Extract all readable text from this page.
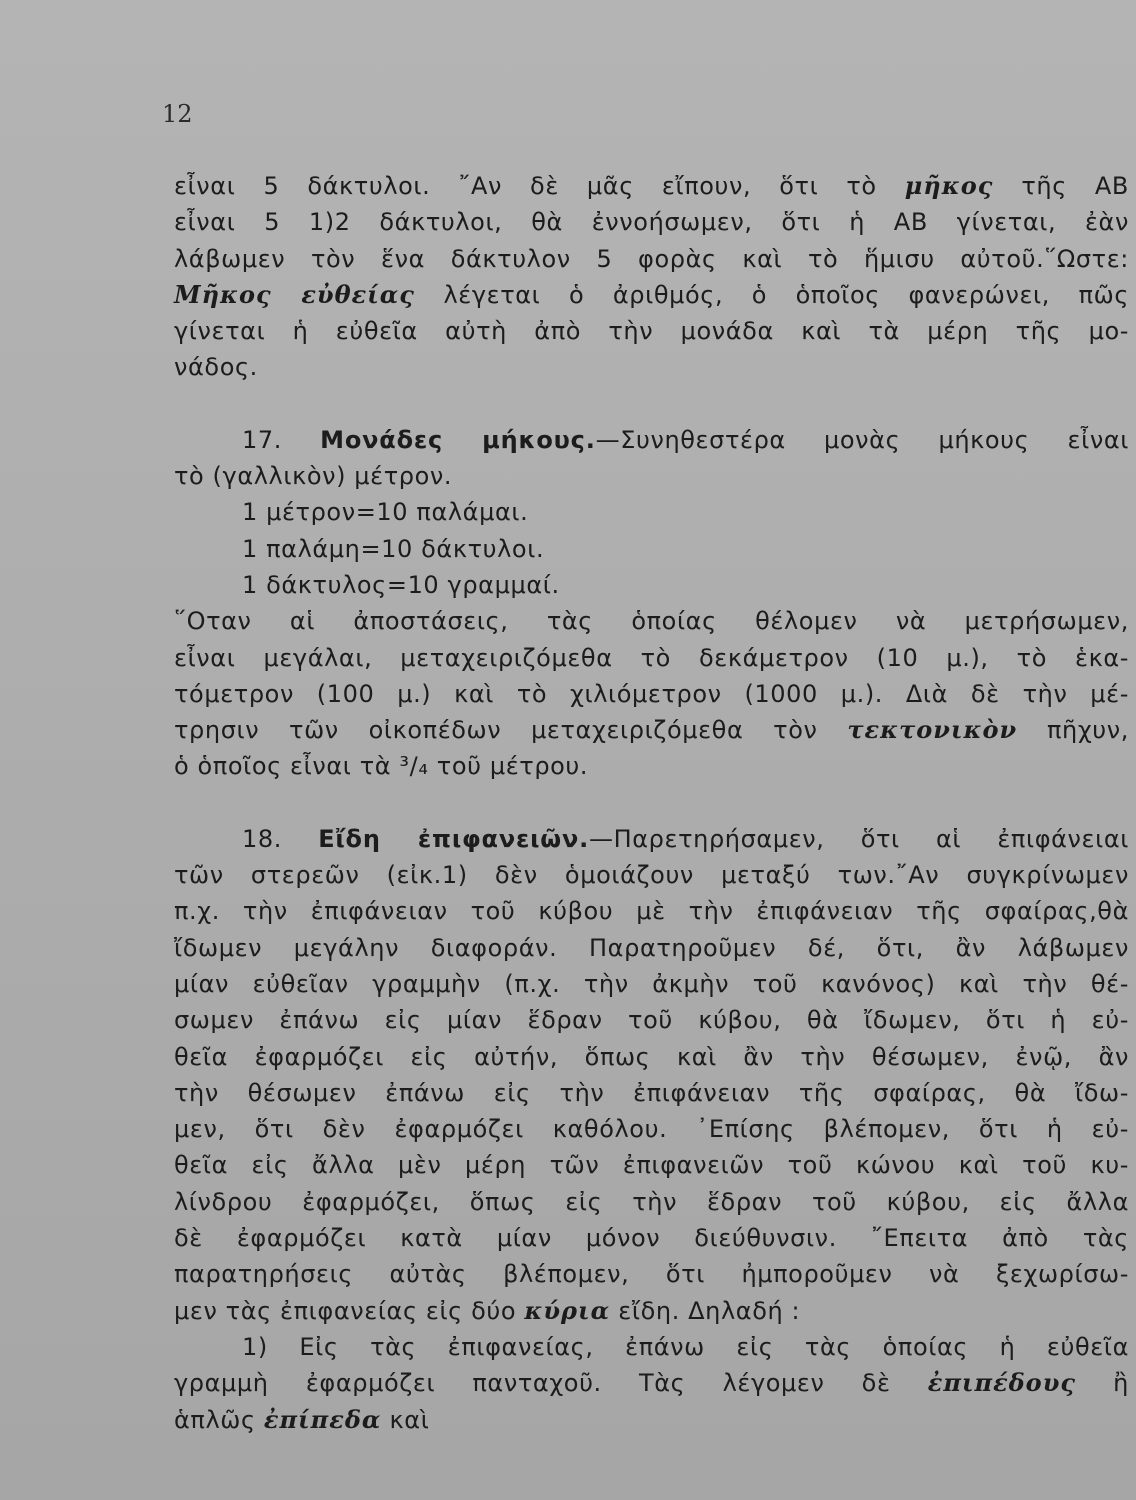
12

εἶναι 5 δάκτυλοι. ῎Αν δὲ μᾶς εἴπουν, ὅτι τὸ μῆκος τῆς ΑΒ

εἶναι 5 1)2 δάκτυλοι, θὰ ἐννοήσωμεν, ὅτι ἡ ΑΒ γίνεται, ἐὰν

λάβωμεν τὸν ἕνα δάκτυλον 5 φορὰς καὶ τὸ ἥμισυ αὐτοῦ.῞Ωστε:

Μῆκος εὐθείας λέγεται ὁ ἀριθμός, ὁ ὁποῖος φανερώνει, πῶς

γίνεται ἡ εὐθεῖα αὐτὴ ἀπὸ τὴν μονάδα καὶ τὰ μέρη τῆς μο-

νάδος.

17. Μονάδες μήκους.—Συνηθεστέρα μονὰς μήκους εἶναι

τὸ (γαλλικὸν) μέτρον.

1 μέτρον=10 παλάμαι.

1 παλάμη=10 δάκτυλοι.

1 δάκτυλος=10 γραμμαί.

῞Οταν αἱ ἀποστάσεις, τὰς ὁποίας θέλομεν νὰ μετρήσωμεν,

εἶναι μεγάλαι, μεταχειριζόμεθα τὸ δεκάμετρον (10 μ.), τὸ ἑκα-

τόμετρον (100 μ.) καὶ τὸ χιλιόμετρον (1000 μ.). Διὰ δὲ τὴν μέ-

τρησιν τῶν οἰκοπέδων μεταχειριζόμεθα τὸν τεκτονικὸν πῆχυν,

ὁ ὁποῖος εἶναι τὰ ³/₄ τοῦ μέτρου.

18. Εἴδη ἐπιφανειῶν.—Παρετηρήσαμεν, ὅτι αἱ ἐπιφάνειαι

τῶν στερεῶν (εἰκ.1) δὲν ὁμοιάζουν μεταξύ των.῎Αν συγκρίνωμεν

π.χ. τὴν ἐπιφάνειαν τοῦ κύβου μὲ τὴν ἐπιφάνειαν τῆς σφαίρας,θὰ

ἴδωμεν μεγάλην διαφοράν. Παρατηροῦμεν δέ, ὅτι, ἂν λάβωμεν

μίαν εὐθεῖαν γραμμὴν (π.χ. τὴν ἀκμὴν τοῦ κανόνος) καὶ τὴν θέ-

σωμεν ἐπάνω εἰς μίαν ἕδραν τοῦ κύβου, θὰ ἴδωμεν, ὅτι ἡ εὐ-

θεῖα ἐφαρμόζει εἰς αὐτήν, ὅπως καὶ ἂν τὴν θέσωμεν, ἐνῷ, ἂν

τὴν θέσωμεν ἐπάνω εἰς τὴν ἐπιφάνειαν τῆς σφαίρας, θὰ ἴδω-

μεν, ὅτι δὲν ἐφαρμόζει καθόλου. ᾿Επίσης βλέπομεν, ὅτι ἡ εὐ-

θεῖα εἰς ἄλλα μὲν μέρη τῶν ἐπιφανειῶν τοῦ κώνου καὶ τοῦ κυ-

λίνδρου ἐφαρμόζει, ὅπως εἰς τὴν ἕδραν τοῦ κύβου, εἰς ἄλλα

δὲ ἐφαρμόζει κατὰ μίαν μόνον διεύθυνσιν. ῎Επειτα ἀπὸ τὰς

παρατηρήσεις αὐτὰς βλέπομεν, ὅτι ἠμποροῦμεν νὰ ξεχωρίσω-

μεν τὰς ἐπιφανείας εἰς δύο κύρια εἴδη. Δηλαδή :

1) Εἰς τὰς ἐπιφανείας, ἐπάνω εἰς τὰς ὁποίας ἡ εὐθεῖα

γραμμὴ ἐφαρμόζει πανταχοῦ. Τὰς λέγομεν δὲ ἐπιπέδους ἢ

ἁπλῶς ἐπίπεδα καὶ
